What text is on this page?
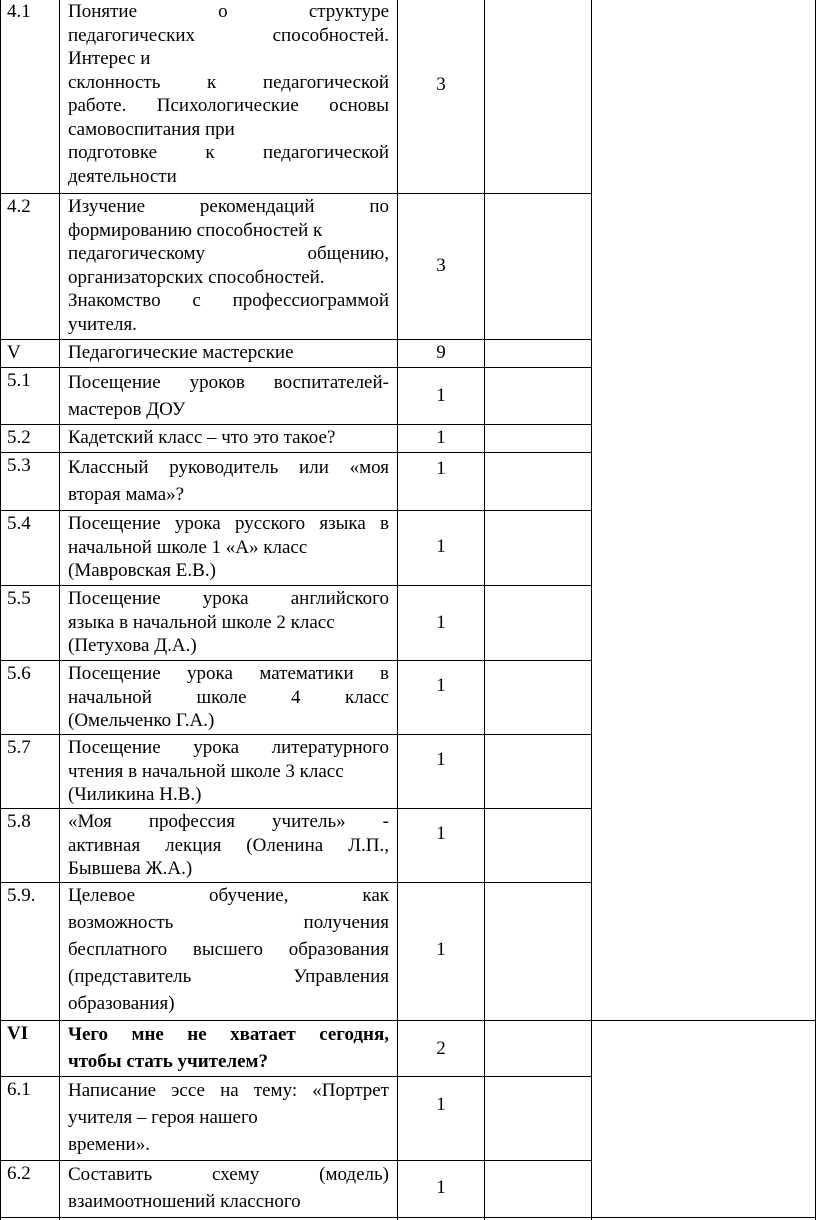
4.1 Понятие о структуре
педагогических способностей.
Интерес и
склонность к педагогической
работе. Психологические основы
самовоспитания при
подготовке к педагогической
деятельности
3
4.2 Изучение рекомендаций по
формированию способностей к
педагогическому общению,
организаторских способностей.
Знакомство с профессиограммой
учителя.
3
V Педагогические мастерские	9
5.1 Посещение уроков воспитателей-
мастеров ДОУ
1
5.2 Кадетский класс – что это такое?	1
5.3 Классный руководитель или «моя
вторая мама»?
1
5.4 Посещение урока русского языка в
начальной школе 1 «А» класс
(Мавровская Е.В.)
1
5.5 Посещение урока английского
языка в начальной школе 2 класс
(Петухова Д.А.)
1
5.6 Посещение урока математики в
начальной школе 4 класс
(Омельченко Г.А.)
1
5.7 Посещение урока литературного
чтения в начальной школе 3 класс
(Чиликина Н.В.)
1
5.8 «Моя профессия учитель» -
активная лекция (Оленина Л.П.,
Бывшева Ж.А.)
1
5.9. Целевое обучение, как
возможность получения
бесплатного высшего образования
(представитель Управления
образования)
1
VI Чего мне не хватает сегодня,
чтобы стать учителем?
2
6.1 Написание эссе на тему: «Портрет
учителя – героя нашего
времени».
1
6.2 Составить схему (модель)
взаимоотношений классного
1
